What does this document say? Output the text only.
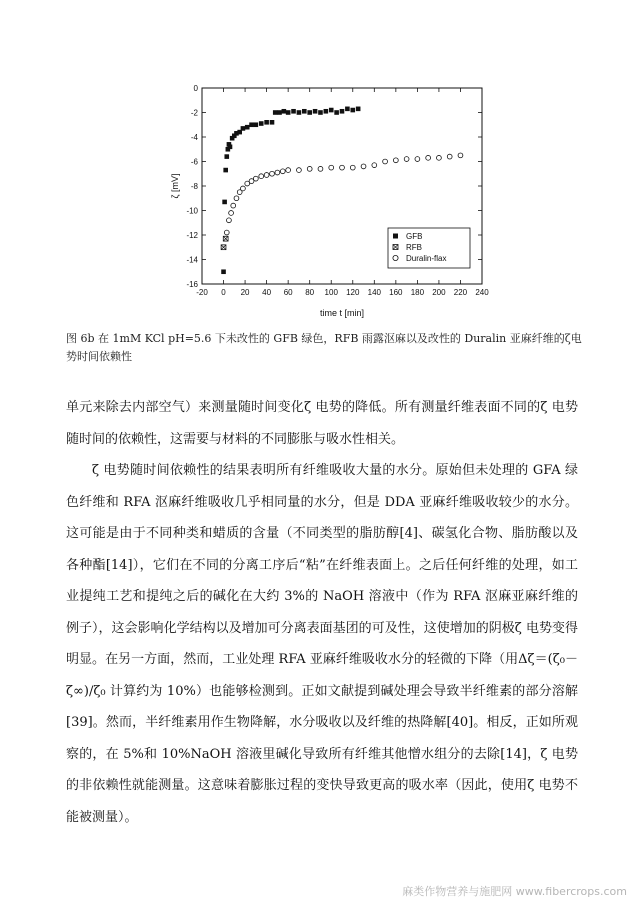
0
-2
-4
-6
-8
-10
-12
-14
-16
-20 0 20 40 60 80 100 120 140 160 180 200 220 240
ζ [mV]
time t [min]
GFB
RFB
Duralin-flax
图 6b 在 1mM KCl pH=5.6 下未改性的 GFB 绿色，RFB 雨露沤麻以及改性的 Duralin 亚麻纤维的ζ电势时间依赖性

单元来除去内部空气）来测量随时间变化ζ 电势的降低。所有测量纤维表面不同的ζ 电势随时间的依赖性，这需要与材料的不同膨胀与吸水性相关。

ζ 电势随时间依赖性的结果表明所有纤维吸收大量的水分。原始但未处理的 GFA 绿色纤维和 RFA 沤麻纤维吸收几乎相同量的水分，但是 DDA 亚麻纤维吸收较少的水分。这可能是由于不同种类和蜡质的含量（不同类型的脂肪醇[4]、碳氢化合物、脂肪酸以及各种酯[14]），它们在不同的分离工序后“粘”在纤维表面上。之后任何纤维的处理，如工业提纯工艺和提纯之后的碱化在大约 3%的 NaOH 溶液中（作为 RFA 沤麻亚麻纤维的例子），这会影响化学结构以及增加可分离表面基团的可及性，这使增加的阴极ζ 电势变得明显。在另一方面，然而，工业处理 RFA 亚麻纤维吸收水分的轻微的下降（用Δζ＝(ζ₀－ζ∞)/ζ₀ 计算约为 10%）也能够检测到。正如文献提到碱处理会导致半纤维素的部分溶解[39]。然而，半纤维素用作生物降解，水分吸收以及纤维的热降解[40]。相反，正如所观察的，在 5%和 10%NaOH 溶液里碱化导致所有纤维其他憎水组分的去除[14]，ζ 电势的非依赖性就能测量。这意味着膨胀过程的变快导致更高的吸水率（因此，使用ζ 电势不能被测量）。

麻类作物营养与施肥网 www.fibercrops.com
